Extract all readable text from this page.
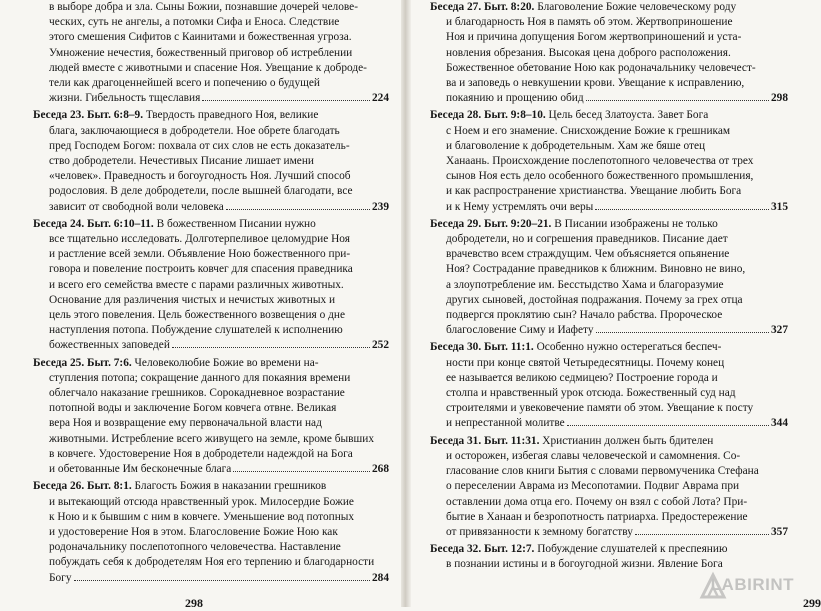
в выборе добра и зла. Сыны Божии, познавшие дочерей челове-
ческих, суть не ангелы, а потомки Сифа и Еноса. Следствие
этого смешения Сифитов с Каинитами и божественная угроза.
Умножение нечестия, божественный приговор об истреблении
людей вместе с животными и спасение Ноя. Увещание к доброде-
тели как драгоценнейшей всего и попечению о будущей
жизни. Гибельность тщеславия	224
Беседа 23. Быт. 6:8–9. Твердость праведного Ноя, великие
блага, заключающиеся в добродетели. Ное обрете благодать
пред Господем Богом: похвала от сих слов не есть доказатель-
ство добродетели. Нечестивых Писание лишает имени
«человек». Праведность и богоугодность Ноя. Лучший способ
родословия. В деле добродетели, после вышней благодати, все
зависит от свободной воли человека	239
Беседа 24. Быт. 6:10–11. В божественном Писании нужно
все тщательно исследовать. Долготерпеливое целомудрие Ноя
и растление всей земли. Объявление Ною божественного при-
говора и повеление построить ковчег для спасения праведника
и всего его семейства вместе с парами различных животных.
Основание для различения чистых и нечистых животных и
цель этого повеления. Цель божественного возвещения о дне
наступления потопа. Побуждение слушателей к исполнению
божественных заповедей	252
Беседа 25. Быт. 7:6. Человеколюбие Божие во времени на-
ступления потопа; сокращение данного для покаяния времени
облегчало наказание грешников. Сорокадневное возрастание
потопной воды и заключение Богом ковчега отвне. Великая
вера Ноя и возвращение ему первоначальной власти над
животными. Истребление всего живущего на земле, кроме бывших
в ковчеге. Удостоверение Ноя в добродетели надеждой на Бога
и обетованные Им бесконечные блага	268
Беседа 26. Быт. 8:1. Благость Божия в наказании грешников
и вытекающий отсюда нравственный урок. Милосердие Божие
к Ною и к бывшим с ним в ковчеге. Уменьшение вод потопных
и удостоверение Ноя в этом. Благословение Божие Ною как
родоначальнику послепотопного человечества. Наставление
побуждать себя к добродетелям Ноя его терпению и благодарности
Богу	284
298
Беседа 27. Быт. 8:20. Благоволение Божие человеческому роду
и благодарность Ноя в память об этом. Жертвоприношение
Ноя и причина допущения Богом жертвоприношений и уста-
новления обрезания. Высокая цена доброго расположения.
Божественное обетование Ною как родоначальнику человечест-
ва и заповедь о невкушении крови. Увещание к исправлению,
покаянию и прощению обид	298
Беседа 28. Быт. 9:8–10. Цель бесед Златоуста. Завет Бога
с Ноем и его знамение. Снисхождение Божие к грешникам
и благоволение к добродетельным. Хам же бяше отец
Ханаань. Происхождение послепотопного человечества от трех
сынов Ноя есть дело особенного божественного промышления,
и как распространение христианства. Увещание любить Бога
и к Нему устремлять очи веры	315
Беседа 29. Быт. 9:20–21. В Писании изображены не только
добродетели, но и согрешения праведников. Писание дает
врачевство всем страждущим. Чем объясняется опьянение
Ноя? Сострадание праведников к ближним. Виновно не вино,
а злоупотребление им. Бесстыдство Хама и благоразумие
других сыновей, достойная подражания. Почему за грех отца
подвергся проклятию сын? Начало рабства. Пророческое
благословение Симу и Иафету	327
Беседа 30. Быт. 11:1. Особенно нужно остерегаться беспеч-
ности при конце святой Четыредесятницы. Почему конец
ее называется великою седмицею? Построение города и
столпа и нравственный урок отсюда. Божественный суд над
строителями и увековечение памяти об этом. Увещание к посту
и непрестанной молитве	344
Беседа 31. Быт. 11:31. Христианин должен быть бдителен
и осторожен, избегая славы человеческой и самомнения. Со-
гласование слов книги Бытия с словами первомученика Стефана
о переселении Аврама из Месопотамии. Подвиг Аврама при
оставлении дома отца его. Почему он взял с собой Лота? При-
бытие в Ханаан и безропотность патриарха. Предостережение
от привязанности к земному богатству	357
Беседа 32. Быт. 12:7. Побуждение слушателей к преспеянию
в познании истины и в богоугодной жизни. Явление Бога
299
LABIRINT
